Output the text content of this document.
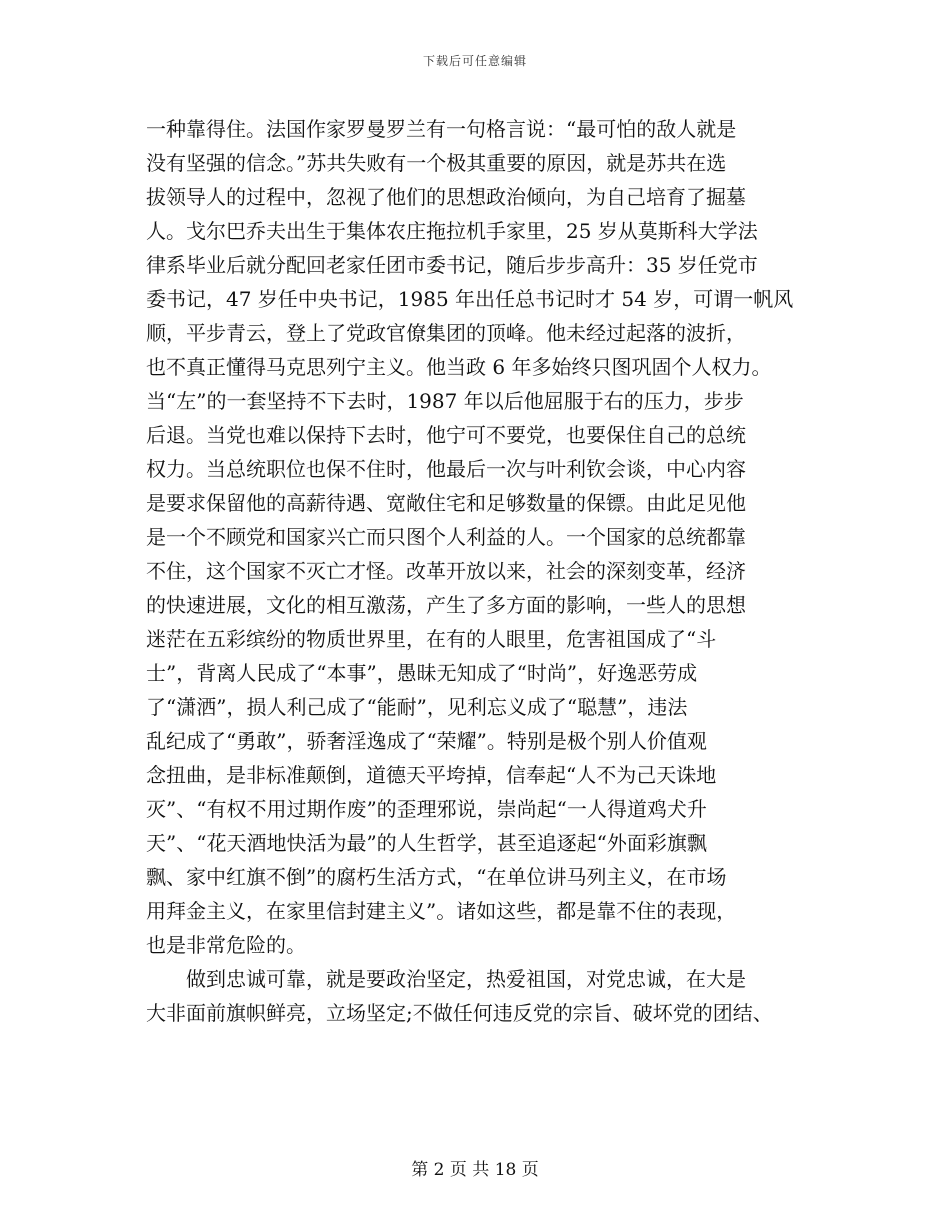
下载后可任意编辑
一种靠得住。法国作家罗曼罗兰有一句格言说：“最可怕的敌人就是
没有坚强的信念。”苏共失败有一个极其重要的原因，就是苏共在选
拔领导人的过程中，忽视了他们的思想政治倾向，为自己培育了掘墓
人。戈尔巴乔夫出生于集体农庄拖拉机手家里，25 岁从莫斯科大学法
律系毕业后就分配回老家任团市委书记，随后步步高升：35 岁任党市
委书记，47 岁任中央书记，1985 年出任总书记时才 54 岁，可谓一帆风
顺，平步青云，登上了党政官僚集团的顶峰。他未经过起落的波折，
也不真正懂得马克思列宁主义。他当政 6 年多始终只图巩固个人权力。
当“左”的一套坚持不下去时，1987 年以后他屈服于右的压力，步步
后退。当党也难以保持下去时，他宁可不要党，也要保住自己的总统
权力。当总统职位也保不住时，他最后一次与叶利钦会谈，中心内容
是要求保留他的高薪待遇、宽敞住宅和足够数量的保镖。由此足见他
是一个不顾党和国家兴亡而只图个人利益的人。一个国家的总统都靠
不住，这个国家不灭亡才怪。改革开放以来，社会的深刻变革，经济
的快速进展，文化的相互激荡，产生了多方面的影响，一些人的思想
迷茫在五彩缤纷的物质世界里，在有的人眼里，危害祖国成了“斗
士”，背离人民成了“本事”，愚昧无知成了“时尚”，好逸恶劳成
了“潇洒”，损人利己成了“能耐”，见利忘义成了“聪慧”，违法
乱纪成了“勇敢”，骄奢淫逸成了“荣耀”。特别是极个别人价值观
念扭曲，是非标准颠倒，道德天平垮掉，信奉起“人不为己天诛地
灭”、“有权不用过期作废”的歪理邪说，崇尚起“一人得道鸡犬升
天”、“花天酒地快活为最”的人生哲学，甚至追逐起“外面彩旗飘
飘、家中红旗不倒”的腐朽生活方式，“在单位讲马列主义，在市场
用拜金主义，在家里信封建主义”。诸如这些，都是靠不住的表现，
也是非常危险的。
做到忠诚可靠，就是要政治坚定，热爱祖国，对党忠诚，在大是
大非面前旗帜鲜亮，立场坚定;不做任何违反党的宗旨、破坏党的团结、
第 2 页 共 18 页
